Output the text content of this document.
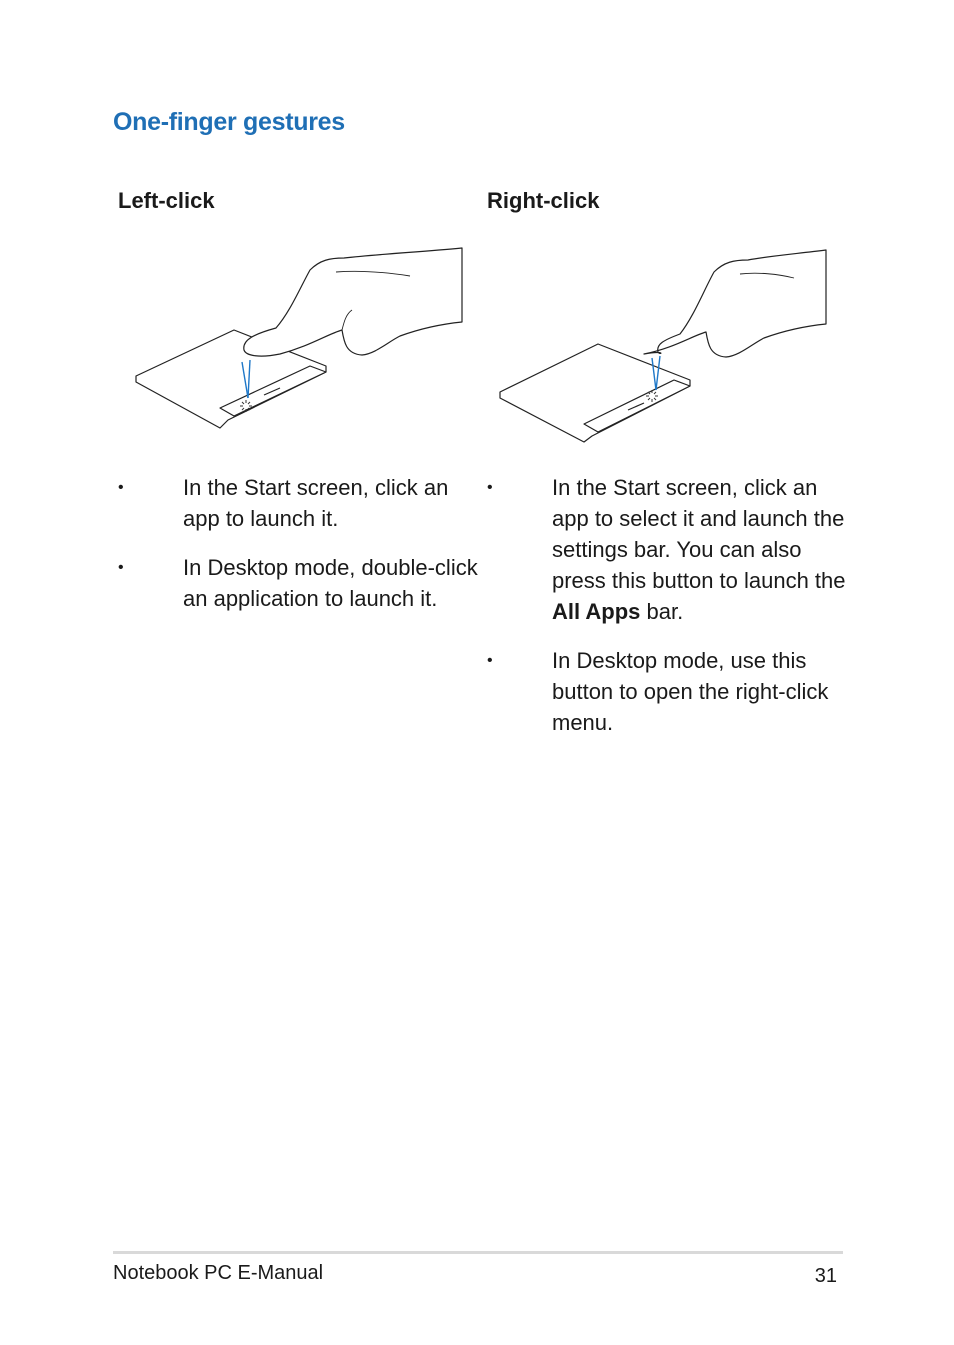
One-finger gestures
Left-click
•	In the Start screen, click an app to launch it.
•	In Desktop mode, double-click an application to launch it.
Right-click
•	In the Start screen, click an app to select it and launch the settings bar. You can also press this button to launch the All Apps bar.
•	In Desktop mode, use this button to open the right-click menu.
Notebook PC E-Manual	31
